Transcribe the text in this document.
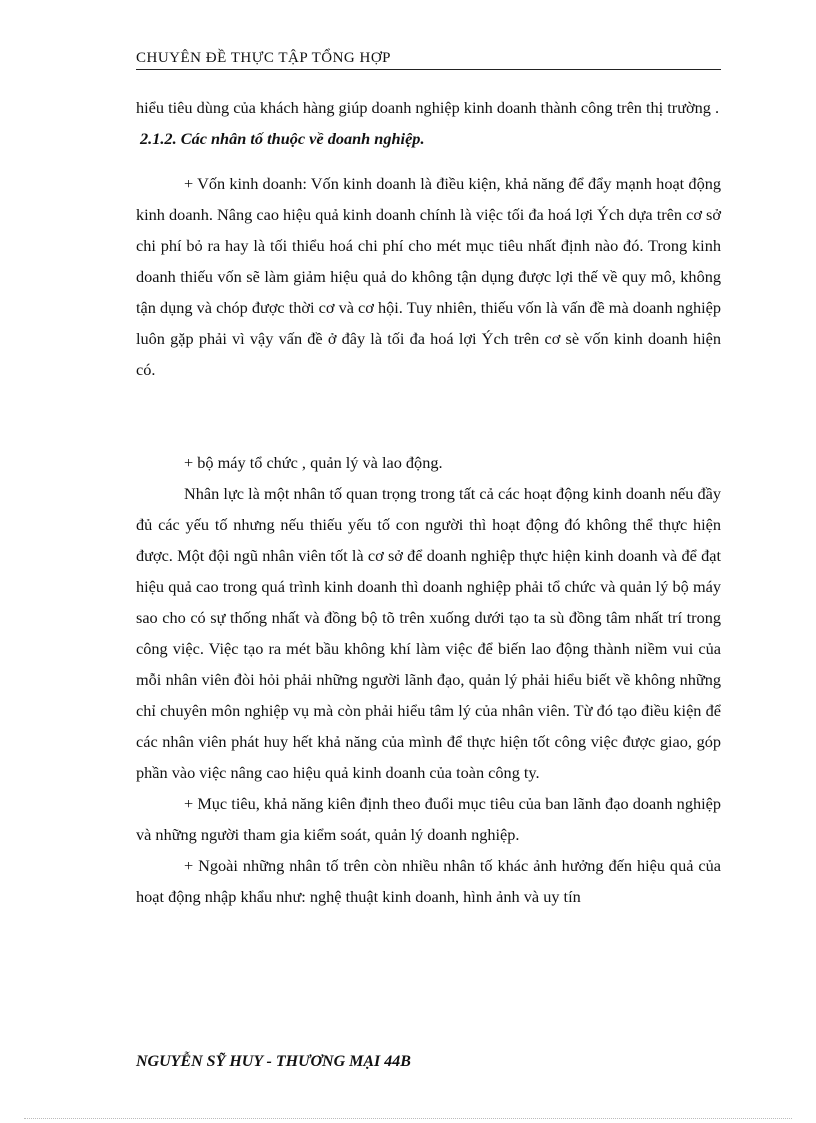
CHUYÊN ĐỀ THỰC TẬP TỔNG HỢP

hiểu tiêu dùng của khách hàng giúp doanh nghiệp kinh doanh thành công trên thị trường .

2.1.2. Các nhân tố thuộc về doanh nghiệp.

+ Vốn kinh doanh: Vốn kinh doanh là điều kiện, khả năng để đẩy mạnh hoạt động kinh doanh. Nâng cao hiệu quả kinh doanh chính là việc tối đa hoá lợi Ých dựa trên cơ sở chi phí bỏ ra hay là tối thiểu hoá chi phí cho mét mục tiêu nhất định nào đó. Trong kinh doanh thiếu vốn sẽ làm giảm hiệu quả do không tận dụng được lợi thế về quy mô, không tận dụng và chóp được thời cơ và cơ hội. Tuy nhiên, thiếu vốn là vấn đề mà doanh nghiệp luôn gặp phải vì vậy vấn đề ở đây là tối đa hoá lợi Ých trên cơ sè vốn kinh doanh hiện có.

+ bộ máy tổ chức , quản lý và lao động.

Nhân lực là một nhân tố quan trọng trong tất cả các hoạt động kinh doanh nếu đầy đủ các yếu tố nhưng nếu thiếu yếu tố con người thì hoạt động đó không thể thực hiện được. Một đội ngũ nhân viên tốt là cơ sở để doanh nghiệp thực hiện kinh doanh và để đạt hiệu quả cao trong quá trình kinh doanh thì doanh nghiệp phải tổ chức và quản lý bộ máy sao cho có sự thống nhất và đồng bộ tõ trên xuống dưới tạo ta sù đồng tâm nhất trí trong công việc. Việc tạo ra mét bầu không khí làm việc để biến lao động thành niềm vui của mỗi nhân viên đòi hỏi phải những người lãnh đạo, quản lý phải hiểu biết về không những chỉ chuyên môn nghiệp vụ mà còn phải hiểu tâm lý của nhân viên. Từ đó tạo điều kiện để các nhân viên phát huy hết khả năng của mình để thực hiện tốt công việc được giao, góp phần vào việc nâng cao hiệu quả kinh doanh của toàn công ty.

+ Mục tiêu, khả năng kiên định theo đuổi mục tiêu của ban lãnh đạo doanh nghiệp và những người tham gia kiểm soát, quản lý doanh nghiệp.

+ Ngoài những nhân tố trên còn nhiều nhân tố khác ảnh hưởng đến hiệu quả của hoạt động nhập khẩu như: nghệ thuật kinh doanh, hình ảnh và uy tín

NGUYỄN SỸ HUY - THƯƠNG MẠI 44B
